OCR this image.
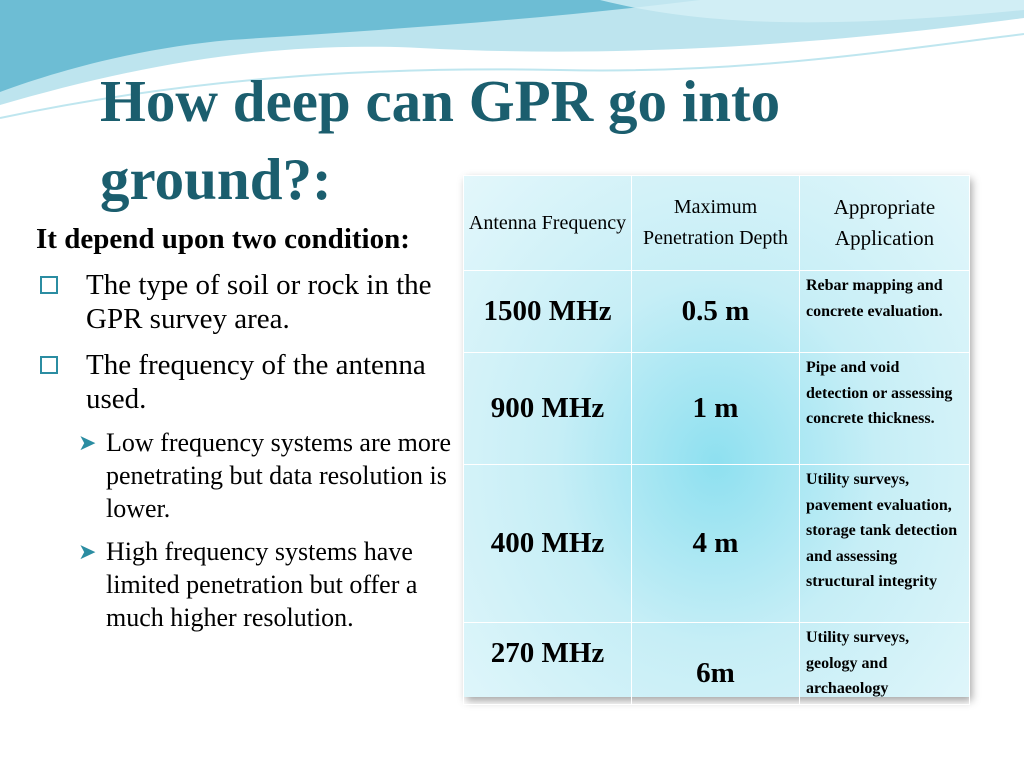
How deep can GPR go into
ground?:

It depend upon two condition:

The type of soil or rock in the GPR survey area.
The frequency of the antenna used.
➤ Low frequency systems are more penetrating but data resolution is lower.
➤ High frequency systems have limited penetration but offer a much higher resolution.
Antenna Frequency	Maximum Penetration Depth	Appropriate Application
1500 MHz	0.5 m	Rebar mapping and concrete evaluation.
900 MHz	1 m	Pipe and void detection or assessing concrete thickness.
400 MHz	4 m	Utility surveys, pavement evaluation, storage tank detection and assessing structural integrity
270 MHz	6m	Utility surveys, geology and archaeology
